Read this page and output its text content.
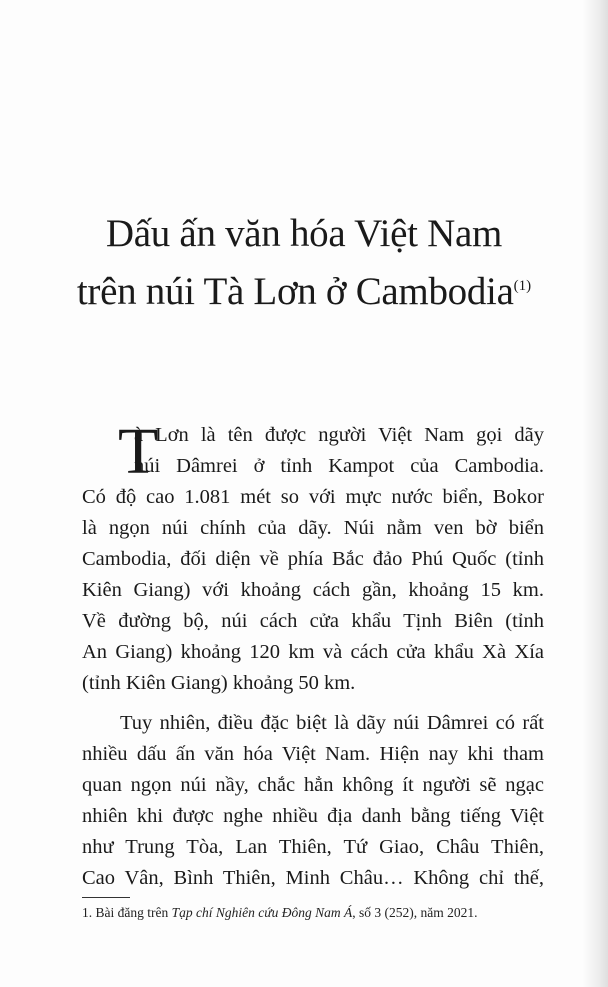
Dấu ấn văn hóa Việt Nam
trên núi Tà Lơn ở Cambodia$^{(1)}$
T
à Lơn là tên được người Việt Nam gọi dãy
núi Dâmrei ở tỉnh Kampot của Cambodia.
Có độ cao 1.081 mét so với mực nước biển, Bokor
là ngọn núi chính của dãy. Núi nằm ven bờ biển
Cambodia, đối diện về phía Bắc đảo Phú Quốc (tỉnh
Kiên Giang) với khoảng cách gần, khoảng 15 km.
Về đường bộ, núi cách cửa khẩu Tịnh Biên (tỉnh
An Giang) khoảng 120 km và cách cửa khẩu Xà Xía
(tỉnh Kiên Giang) khoảng 50 km.
Tuy nhiên, điều đặc biệt là dãy núi Dâmrei có rất
nhiều dấu ấn văn hóa Việt Nam. Hiện nay khi tham
quan ngọn núi nầy, chắc hẳn không ít người sẽ ngạc
nhiên khi được nghe nhiều địa danh bằng tiếng Việt
như Trung Tòa, Lan Thiên, Tứ Giao, Châu Thiên,
Cao Vân, Bình Thiên, Minh Châu… Không chỉ thế,
1. Bài đăng trên Tạp chí Nghiên cứu Đông Nam Á, số 3 (252), năm 2021.
